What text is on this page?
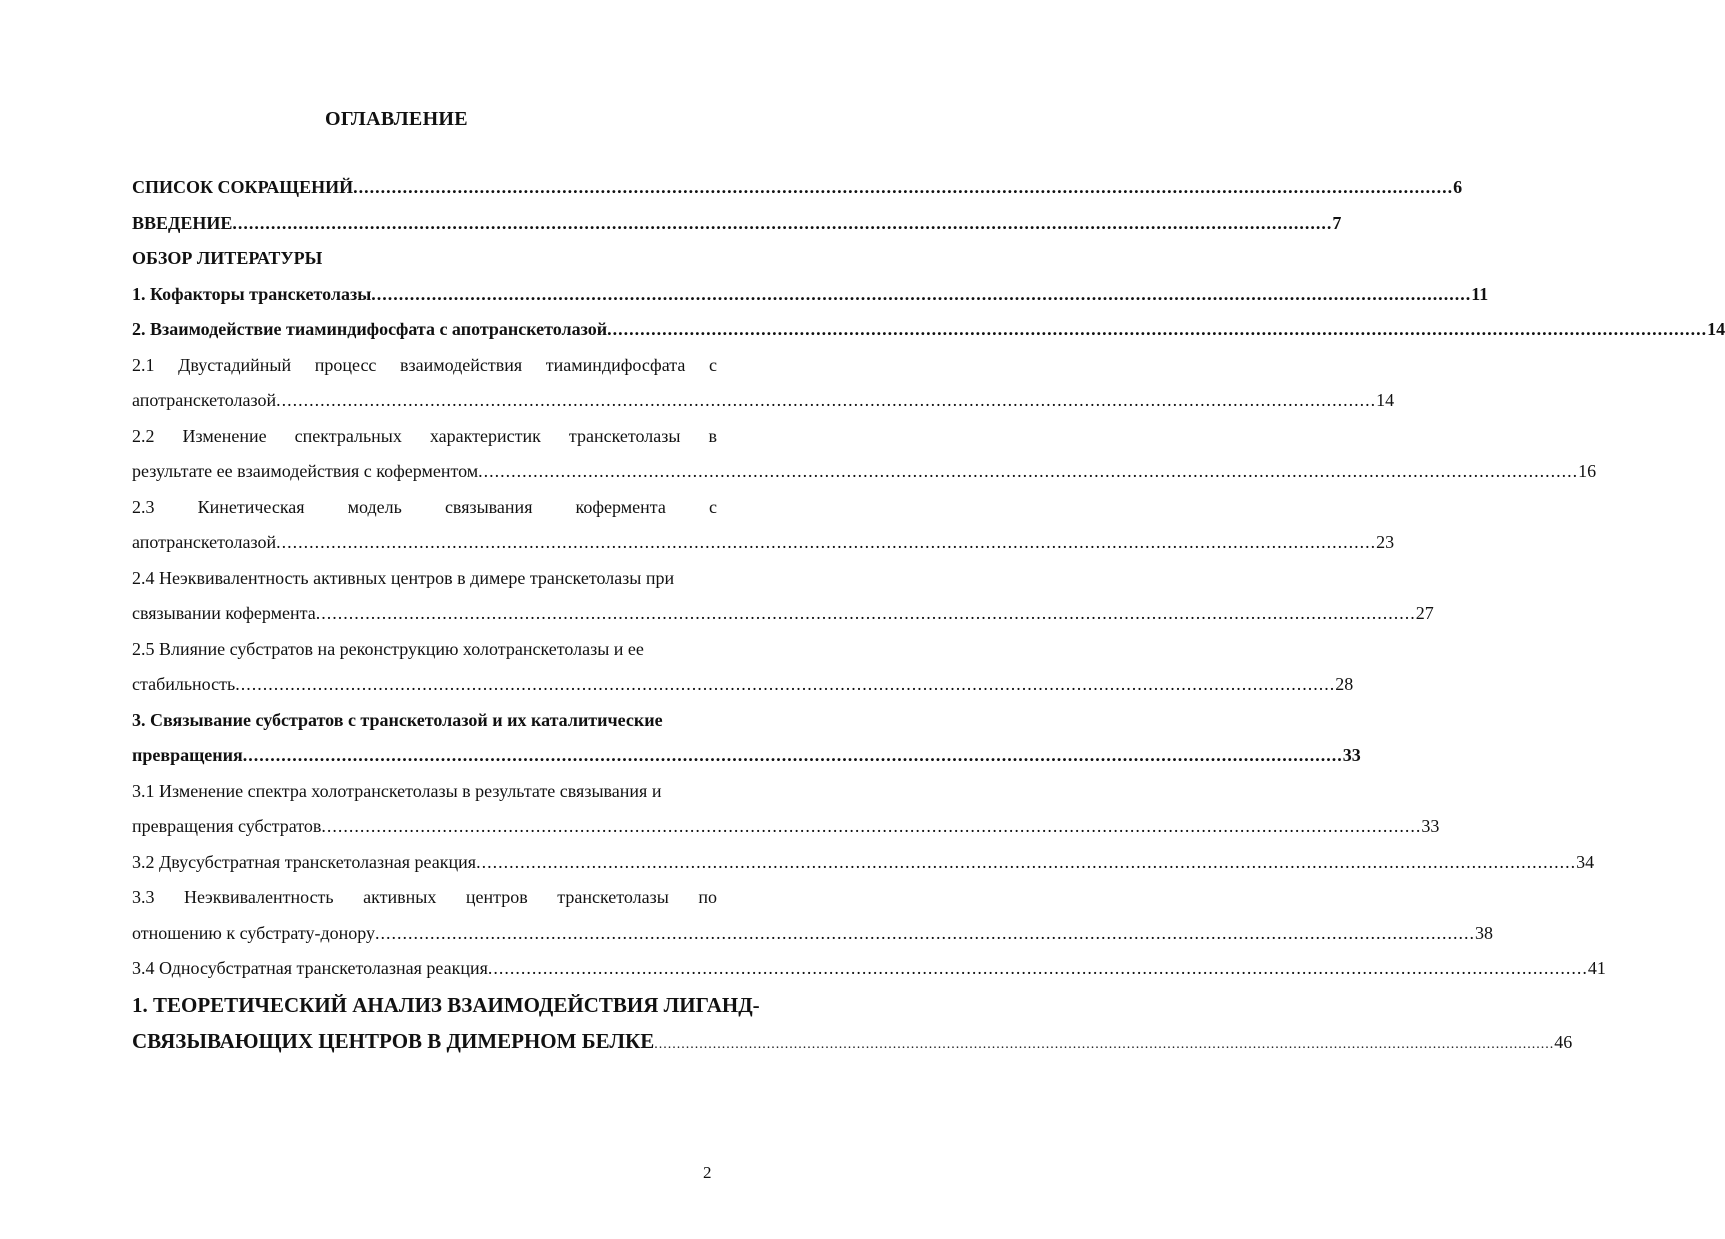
ОГЛАВЛЕНИЕ
СПИСОК СОКРАЩЕНИЙ ........................................................................................................................................................................................................ 6
ВВЕДЕНИЕ ........................................................................................................................................................................................................ 7
ОБЗОР ЛИТЕРАТУРЫ
1. Кофакторы транскетолазы ........................................................................................................................................................................................................ 11
2. Взаимодействие тиаминдифосфата с апотранскетолазой ........................................................................................................................................................................................................ 14
2.1 Двустадийный процесс взаимодействия тиаминдифосфата с
апотранскетолазой ........................................................................................................................................................................................................ 14
2.2 Изменение спектральных характеристик транскетолазы в
результате ее взаимодействия с коферментом ........................................................................................................................................................................................................ 16
2.3 Кинетическая модель связывания кофермента с
апотранскетолазой ........................................................................................................................................................................................................ 23
2.4 Неэквивалентность активных центров в димере транскетолазы при
связывании кофермента ........................................................................................................................................................................................................ 27
2.5 Влияние субстратов на реконструкцию холотранскетолазы и ее
стабильность ........................................................................................................................................................................................................ 28
3. Связывание субстратов с транскетолазой и их каталитические
превращения ........................................................................................................................................................................................................ 33
3.1 Изменение спектра холотранскетолазы в результате связывания и
превращения субстратов ........................................................................................................................................................................................................ 33
3.2 Двусубстратная транскетолазная реакция ........................................................................................................................................................................................................ 34
3.3 Неэквивалентность активных центров транскетолазы по
отношению к субстрату-донору ........................................................................................................................................................................................................ 38
3.4 Односубстратная транскетолазная реакция ........................................................................................................................................................................................................ 41
1. ТЕОРЕТИЧЕСКИЙ АНАЛИЗ ВЗАИМОДЕЙСТВИЯ ЛИГАНД-
СВЯЗЫВАЮЩИХ ЦЕНТРОВ В ДИМЕРНОМ БЕЛКЕ ........................................................................................................................................................................................................ 46
2
